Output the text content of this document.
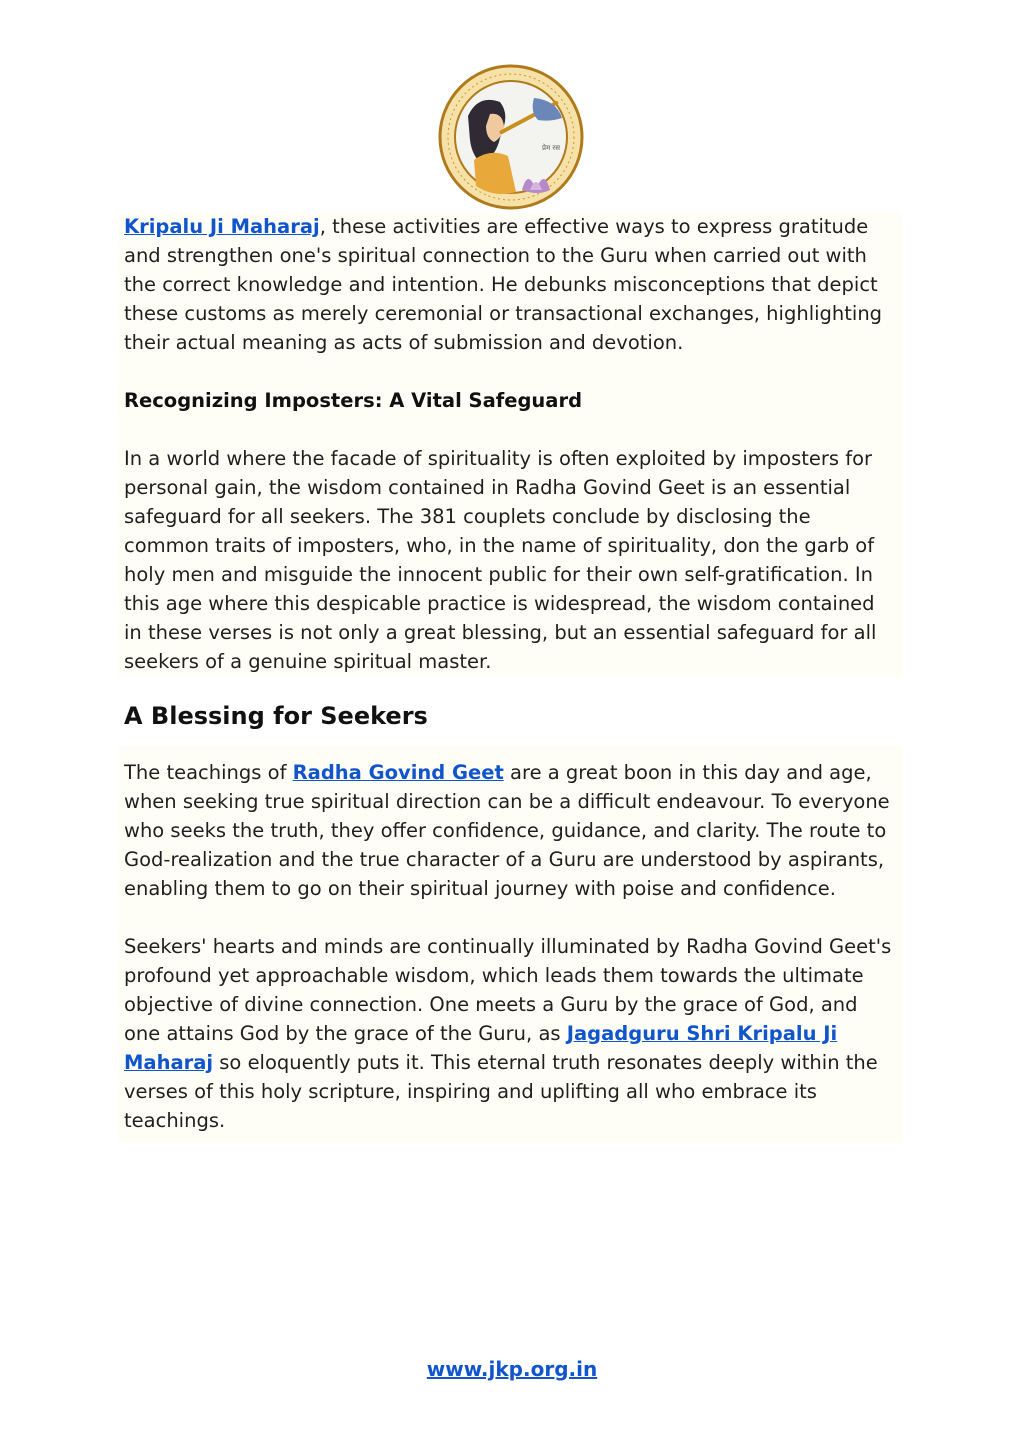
प्रेम रस

Kripalu Ji Maharaj, these activities are effective ways to express gratitude and strengthen one's spiritual connection to the Guru when carried out with the correct knowledge and intention. He debunks misconceptions that depict these customs as merely ceremonial or transactional exchanges, highlighting their actual meaning as acts of submission and devotion.

Recognizing Imposters: A Vital Safeguard

In a world where the facade of spirituality is often exploited by imposters for personal gain, the wisdom contained in Radha Govind Geet is an essential safeguard for all seekers. The 381 couplets conclude by disclosing the common traits of imposters, who, in the name of spirituality, don the garb of holy men and misguide the innocent public for their own self-gratification. In this age where this despicable practice is widespread, the wisdom contained in these verses is not only a great blessing, but an essential safeguard for all seekers of a genuine spiritual master.

A Blessing for Seekers

The teachings of Radha Govind Geet are a great boon in this day and age, when seeking true spiritual direction can be a difficult endeavour. To everyone who seeks the truth, they offer confidence, guidance, and clarity. The route to God-realization and the true character of a Guru are understood by aspirants, enabling them to go on their spiritual journey with poise and confidence.

Seekers' hearts and minds are continually illuminated by Radha Govind Geet's profound yet approachable wisdom, which leads them towards the ultimate objective of divine connection. One meets a Guru by the grace of God, and one attains God by the grace of the Guru, as Jagadguru Shri Kripalu Ji Maharaj so eloquently puts it. This eternal truth resonates deeply within the verses of this holy scripture, inspiring and uplifting all who embrace its teachings.

www.jkp.org.in
